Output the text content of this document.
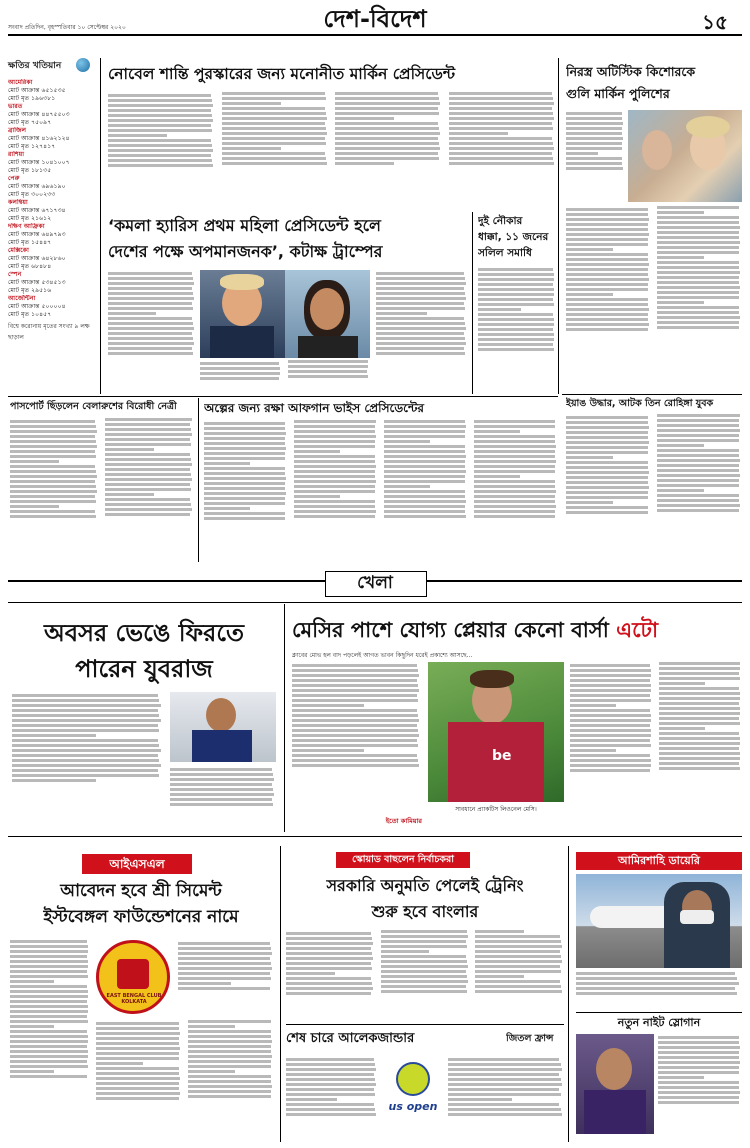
সংবাদ প্রতিদিন, বৃহস্পতিবার ১০ সেপ্টেম্বর ২০২০	দেশ-বিদেশ	১৫
ক্ষতির খতিয়ান
আমেরিকা
মোট আক্রান্ত ৬৫১৫৩৫
মোট মৃত ১৯৬৩৮১
ভারত
মোট আক্রান্ত ৪৪৭৫৫০৩
মোট মৃত ৭৫০৯৭
ব্রাজিল
মোট আক্রান্ত ৪১৬২১২৪
মোট মৃত ১২৭৪১৭
রাশিয়া
মোট আক্রান্ত ১০৪১০০৭
মোট মৃত ১৮১৩৫
পেরু
মোট আক্রান্ত ৬৯৬১৯০
মোট মৃত ৩০০২৩৩
কলম্বিয়া
মোট আক্রান্ত ৬৭১৭৩৪
মোট মৃত ২১৬১২
দক্ষিণ আফ্রিকা
মোট আক্রান্ত ৬৪৯৭৯৩
মোট মৃত ১৫৪৪৭
মেক্সিকো
মোট আক্রান্ত ৬৪২৮৬০
মোট মৃত ৬৮৪৮৪
স্পেন
মোট আক্রান্ত ৫৩৪৫১৩
মোট মৃত ২৯৫১৬
আর্জেন্টিনা
মোট আক্রান্ত ৫০০০০৪
মোট মৃত ১০৪৫৭
বিশ্বে করোনায় মৃতের সংখ্যা ৯ লক্ষ ছাড়াল
নোবেল শান্তি পুরস্কারের জন্য মনোনীত মার্কিন প্রেসিডেন্ট	নিরস্ত্র অটিস্টিক কিশোরকে
গুলি মার্কিন পুলিশের
‘কমলা হ্যারিস প্রথম মহিলা প্রেসিডেন্ট হলে
দেশের পক্ষে অপমানজনক’, কটাক্ষ ট্রাম্পের
দুই নৌকার
ধাক্কা, ১১ জনের
সলিল সমাধি
ইয়াঙ উদ্ধার, আটক তিন রোহিঙ্গা যুবক
পাসপোর্ট ছিঁড়লেন বেলারুশের বিরোধী নেত্রী	অল্পের জন্য রক্ষা আফগান ভাইস প্রেসিডেন্টের
খেলা
অবসর ভেঙে ফিরতে
পারেন যুবরাজ
মেসির পাশে যোগ্য প্লেয়ার কেনো বার্সা এটো
ক্লাবের মোভ হল বাদ পড়লেই আগত ভাবন কিছুদিন ধরেই প্রকাশ্যে আসছে...
ইতো কামিয়ার
be
সাবধানে প্র্যাকটিস লিওনেল মেসি।
আইএসএল
আবেদন হবে শ্রী সিমেন্ট
ইস্টবেঙ্গল ফাউন্ডেশনের নামে
EAST BENGAL CLUB KOLKATA
স্কোয়াড বাছলেন নির্বাচকরা
সরকারি অনুমতি পেলেই ট্রেনিং
শুরু হবে বাংলার
শেষ চারে আলেকজান্ডার
us open
জিতল ফ্রান্স
আমিরশাহি ডায়েরি
নতুন নাইট স্লোগান
